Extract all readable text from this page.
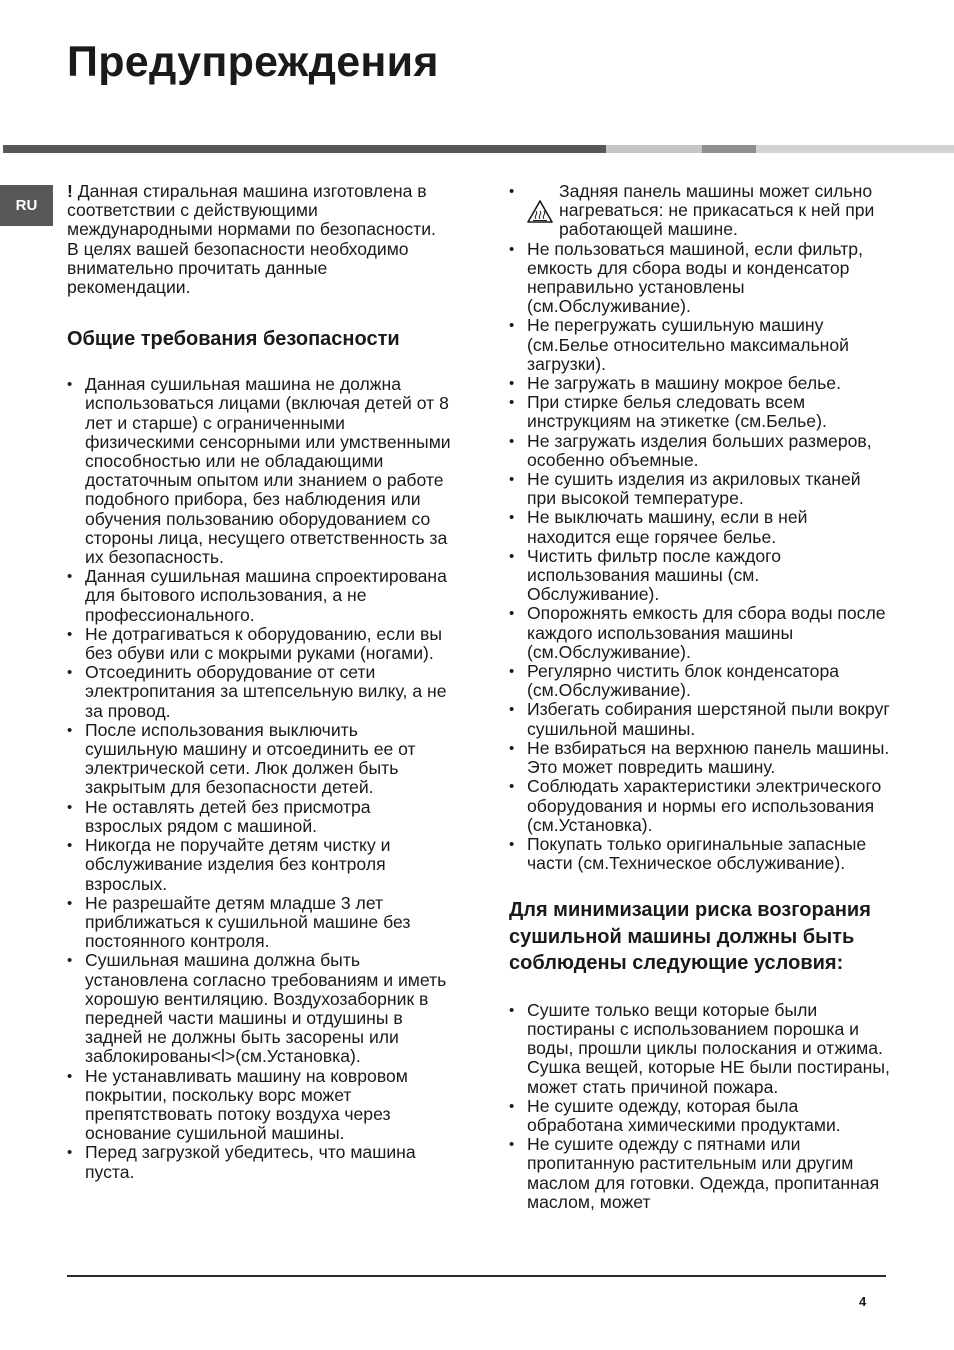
Предупреждения
RU

! Данная стиральная машина изготовлена в соответствии с действующими международными нормами по безопасности. В целях вашей безопасности необходимо внимательно прочитать данные рекомендации.

Общие требования безопасности
• Данная сушильная машина не должна использоваться лицами (включая детей от 8 лет и старше) с ограниченными физическими сенсорными или умственными способностью или не обладающими достаточным опытом или знанием о работе подобного прибора, без наблюдения или обучения пользованию оборудованием со стороны лица, несущего ответственность за их безопасность.
• Данная сушильная машина спроектирована для бытового использования, а не профессионального.
• Не дотрагиваться к оборудованию, если вы без обуви или с мокрыми руками (ногами).
• Отсоединить оборудование от сети электропитания за штепсельную вилку, а не за провод.
• После использования выключить сушильную машину и отсоединить ее от электрической сети. Люк должен быть закрытым для безопасности детей.
• Не оставлять детей без присмотра взрослых рядом с машиной.
• Никогда не поручайте детям чистку и обслуживание изделия без контроля взрослых.
• Не разрешайте детям младше 3 лет приближаться к сушильной машине без постоянного контроля.
• Сушильная машина должна быть установлена согласно требованиям и иметь хорошую вентиляцию. Воздухозаборник в передней части машины и отдушины в задней не должны быть засорены или заблокированы<l>(см.Установка).
• Не устанавливать машину на ковровом покрытии, поскольку ворс может препятствовать потоку воздуха через основание сушильной машины.
• Перед загрузкой убедитесь, что машина пуста.
• Задняя панель машины может сильно нагреваться: не прикасаться к ней при работающей машине.
• Не пользоваться машиной, если фильтр, емкость для сбора воды и конденсатор неправильно установлены (см.Обслуживание).
• Не перегружать сушильную машину (см.Белье относительно максимальной загрузки).
• Не загружать в машину мокрое белье.
• При стирке белья следовать всем инструкциям на этикетке (см.Белье).
• Не загружать изделия больших размеров, особенно объемные.
• Не сушить изделия из акриловых тканей при высокой температуре.
• Не выключать машину, если в ней находится еще горячее белье.
• Чистить фильтр после каждого использования машины (см. Обслуживание).
• Опорожнять емкость для сбора воды после каждого использования машины (см.Обслуживание).
• Регулярно чистить блок конденсатора (см.Обслуживание).
• Избегать собирания шерстяной пыли вокруг сушильной машины.
• Не взбираться на верхнюю панель машины. Это может повредить машину.
• Соблюдать характеристики электрического оборудования и нормы его использования (см.Установка).
• Покупать только оригинальные запасные части (см.Техническое обслуживание).
Для минимизации риска возгорания сушильной машины должны быть соблюдены следующие условия:
• Сушите только вещи которые были постираны с использованием порошка и воды, прошли циклы полоскания и отжима. Сушка вещей, которые НЕ были постираны, может стать причиной пожара.
• Не сушите одежду, которая была обработана химическими продуктами.
• Не сушите одежду с пятнами или пропитанную растительным или другим маслом для готовки. Одежда, пропитанная маслом, может
4
